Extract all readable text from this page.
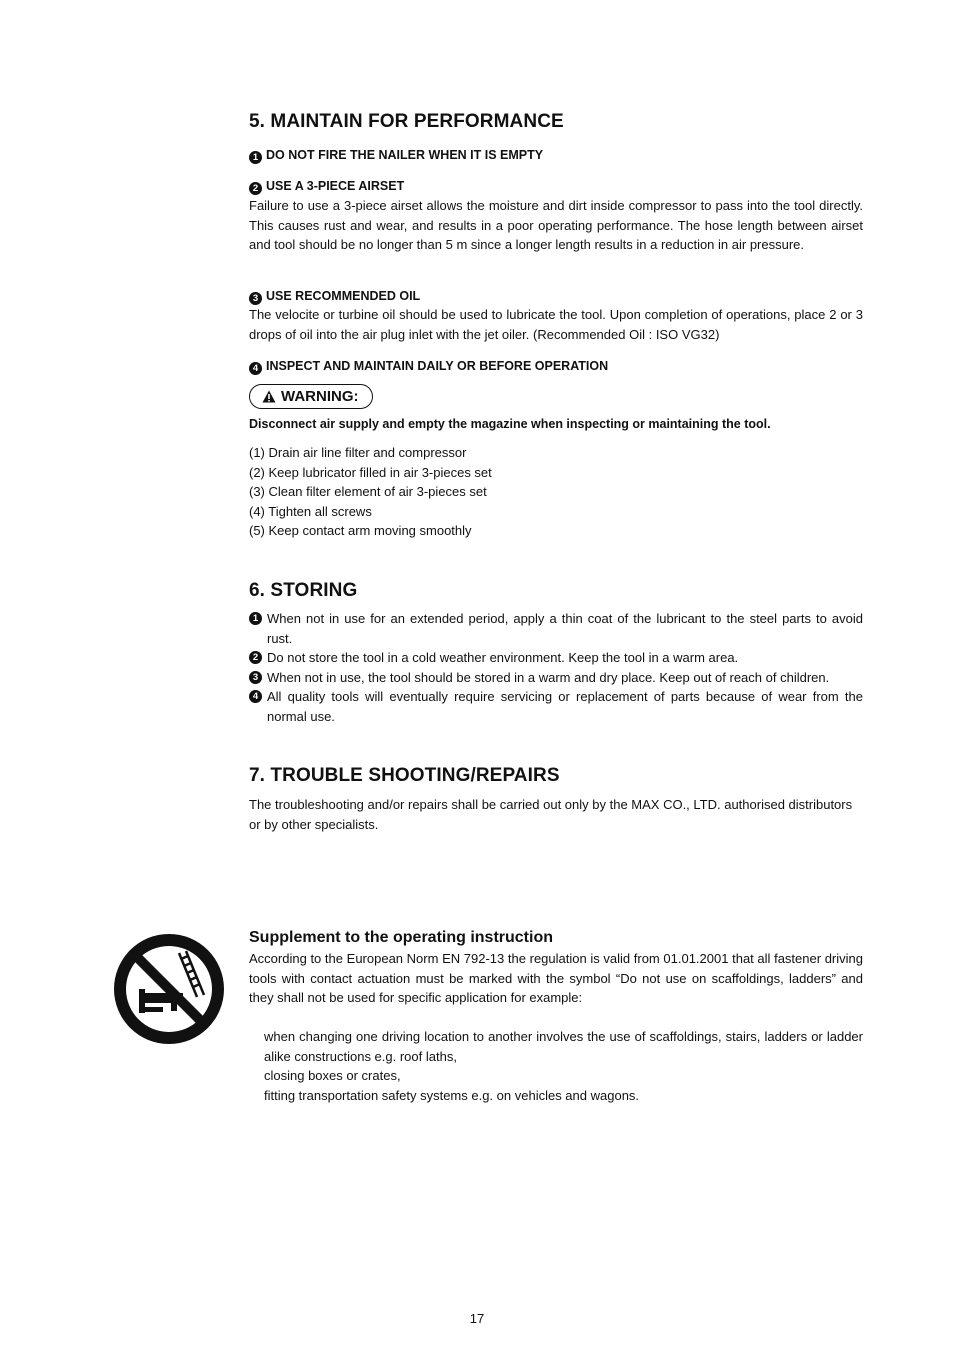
5. MAINTAIN FOR PERFORMANCE
1 DO NOT FIRE THE NAILER WHEN IT IS EMPTY
2 USE A 3-PIECE AIRSET
Failure to use a 3-piece airset allows the moisture and dirt inside compressor to pass into the tool directly. This causes rust and wear, and results in a poor operating performance. The hose length between airset and tool should be no longer than 5 m since a longer length results in a reduction in air pressure.
3 USE RECOMMENDED OIL
The velocite or turbine oil should be used to lubricate the tool. Upon completion of operations, place 2 or 3 drops of oil into the air plug inlet with the jet oiler. (Recommended Oil : ISO VG32)
4 INSPECT AND MAINTAIN DAILY OR BEFORE OPERATION
WARNING:
Disconnect air supply and empty the magazine when inspecting or maintaining the tool.
(1) Drain air line filter and compressor
(2) Keep lubricator filled in air 3-pieces set
(3) Clean filter element of air 3-pieces set
(4) Tighten all screws
(5) Keep contact arm moving smoothly
6. STORING
1 When not in use for an extended period, apply a thin coat of the lubricant to the steel parts to avoid rust.
2 Do not store the tool in a cold weather environment. Keep the tool in a warm area.
3 When not in use, the tool should be stored in a warm and dry place. Keep out of reach of children.
4 All quality tools will eventually require servicing or replacement of parts because of wear from the normal use.
7. TROUBLE SHOOTING/REPAIRS
The troubleshooting and/or repairs shall be carried out only by the MAX CO., LTD. authorised distributors or by other specialists.
Supplement to the operating instruction
According to the European Norm EN 792-13 the regulation is valid from 01.01.2001 that all fastener driving tools with contact actuation must be marked with the symbol “Do not use on scaffoldings, ladders” and they shall not be used for specific application for example:
when changing one driving location to another involves the use of scaffoldings, stairs, ladders or ladder alike constructions e.g. roof laths,
closing boxes or crates,
fitting transportation safety systems e.g. on vehicles and wagons.
17
